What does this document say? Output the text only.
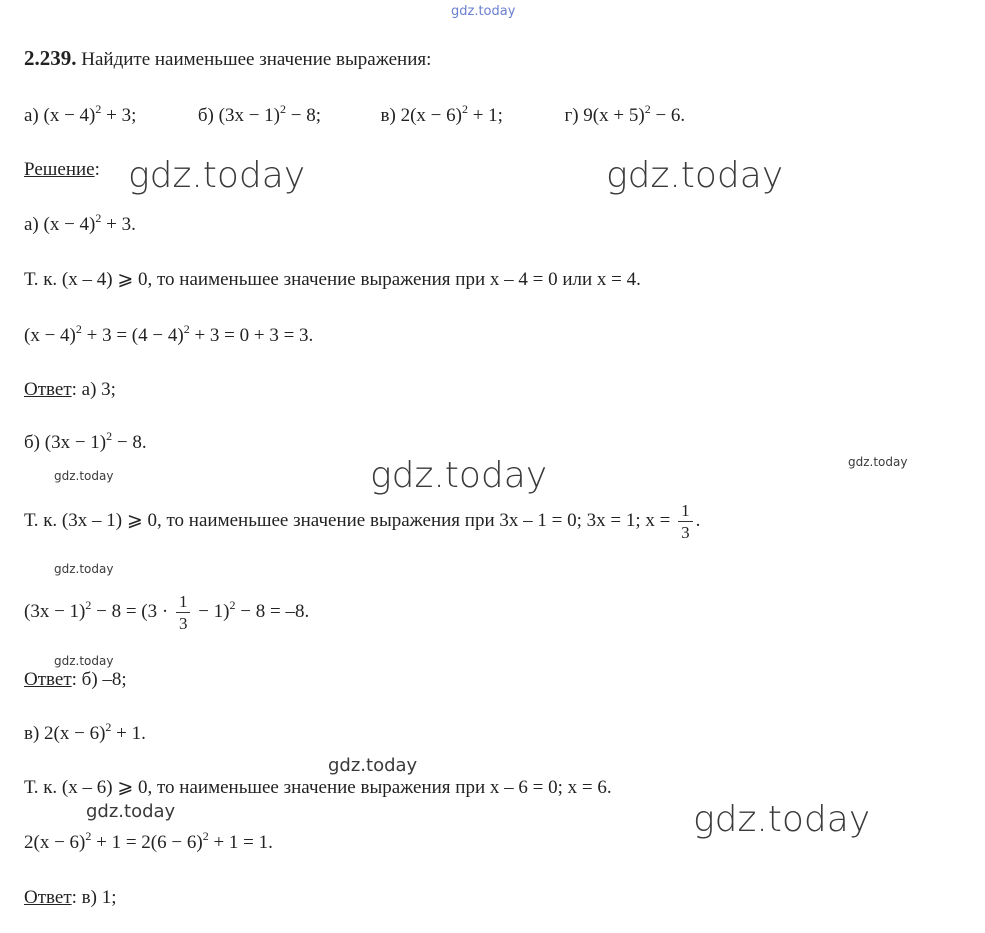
gdz.today
gdz.today	gdz.today
gdz.today
gdz.today
gdz.today
gdz.today
gdz.today
gdz.today
gdz.today	gdz.today
2.239. Найдите наименьшее значение выражения:
а) $(x - 4)^2 + 3$;	б) $(3x - 1)^2 - 8$;	в) $2(x - 6)^2 + 1$;	г) $9(x + 5)^2 - 6$.
Решение:
а) $(x - 4)^2 + 3$.
Т. к. (x – 4) ⩾ 0, то наименьшее значение выражения при x – 4 = 0 или x = 4.
$(x - 4)^2 + 3 = (4 - 4)^2 + 3 = 0 + 3 = 3$.
Ответ: а) 3;
б) $(3x - 1)^2 - 8$.
Т. к. (3x – 1) ⩾ 0, то наименьшее значение выражения при 3x – 1 = 0; 3x = 1; $x = \frac{1}{3}$ .
$(3x - 1)^2 - 8 = (3 \cdot \frac{1}{3} - 1)^2 - 8 = -8$.
Ответ: б) –8;
в) $2(x - 6)^2 + 1$.
Т. к. (x – 6) ⩾ 0, то наименьшее значение выражения при x – 6 = 0; x = 6.
$2(x - 6)^2 + 1 = 2(6 - 6)^2 + 1 = 1$.
Ответ: в) 1;
